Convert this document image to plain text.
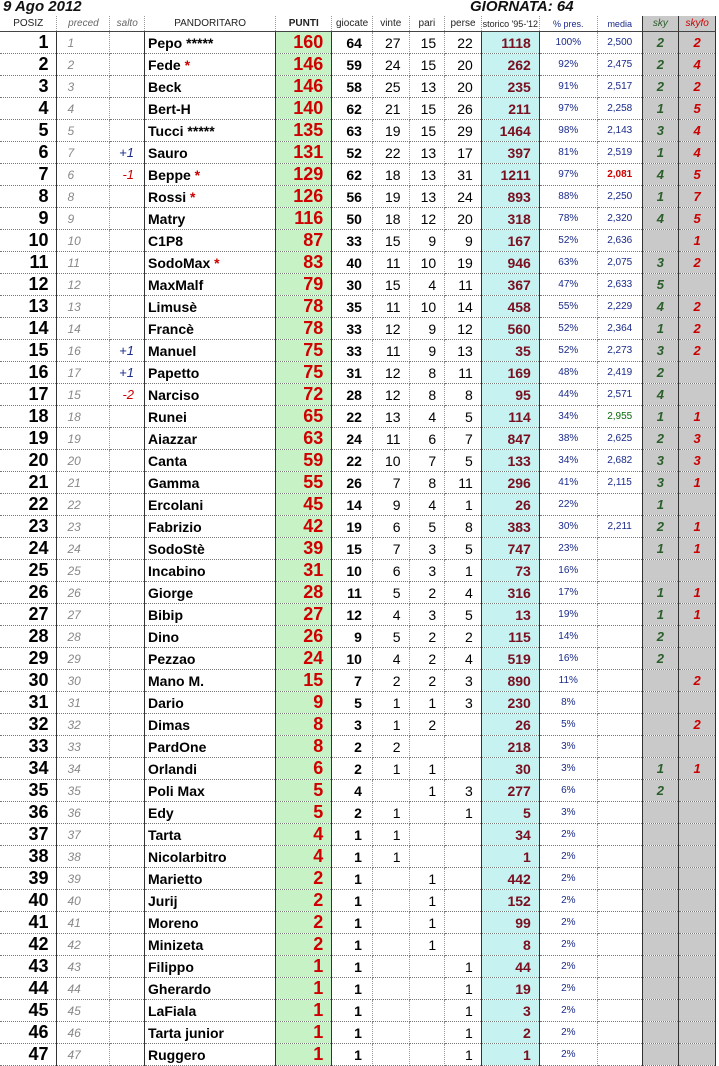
9 Ago 2012	GIORNATA: 64
POSIZ	preced	salto	PANDORITARO	PUNTI	giocate	vinte	pari	perse	storico '95-'12	% pres.	media	sky	skyfo
1	1		Pepo *****	160	64	27	15	22	1118	100%	2,500	2	2
2	2		Fede *	146	59	24	15	20	262	92%	2,475	2	4
3	3		Beck	146	58	25	13	20	235	91%	2,517	2	2
4	4		Bert-H	140	62	21	15	26	211	97%	2,258	1	5
5	5		Tucci *****	135	63	19	15	29	1464	98%	2,143	3	4
6	7	+1	Sauro	131	52	22	13	17	397	81%	2,519	1	4
7	6	-1	Beppe *	129	62	18	13	31	1211	97%	2,081	4	5
8	8		Rossi *	126	56	19	13	24	893	88%	2,250	1	7
9	9		Matry	116	50	18	12	20	318	78%	2,320	4	5
10	10		C1P8	87	33	15	9	9	167	52%	2,636		1
11	11		SodoMax *	83	40	11	10	19	946	63%	2,075	3	2
12	12		MaxMalf	79	30	15	4	11	367	47%	2,633	5	
13	13		Limusè	78	35	11	10	14	458	55%	2,229	4	2
14	14		Francè	78	33	12	9	12	560	52%	2,364	1	2
15	16	+1	Manuel	75	33	11	9	13	35	52%	2,273	3	2
16	17	+1	Papetto	75	31	12	8	11	169	48%	2,419	2	
17	15	-2	Narciso	72	28	12	8	8	95	44%	2,571	4	
18	18		Runei	65	22	13	4	5	114	34%	2,955	1	1
19	19		Aiazzar	63	24	11	6	7	847	38%	2,625	2	3
20	20		Canta	59	22	10	7	5	133	34%	2,682	3	3
21	21		Gamma	55	26	7	8	11	296	41%	2,115	3	1
22	22		Ercolani	45	14	9	4	1	26	22%		1	
23	23		Fabrizio	42	19	6	5	8	383	30%	2,211	2	1
24	24		SodoStè	39	15	7	3	5	747	23%		1	1
25	25		Incabino	31	10	6	3	1	73	16%			
26	26		Giorge	28	11	5	2	4	316	17%		1	1
27	27		Bibip	27	12	4	3	5	13	19%		1	1
28	28		Dino	26	9	5	2	2	115	14%		2	
29	29		Pezzao	24	10	4	2	4	519	16%		2	
30	30		Mano M.	15	7	2	2	3	890	11%			2
31	31		Dario	9	5	1	1	3	230	8%			
32	32		Dimas	8	3	1	2		26	5%			2
33	33		PardOne	8	2	2			218	3%			
34	34		Orlandi	6	2	1	1		30	3%		1	1
35	35		Poli Max	5	4		1	3	277	6%		2	
36	36		Edy	5	2	1		1	5	3%			
37	37		Tarta	4	1	1			34	2%			
38	38		Nicolarbitro	4	1	1			1	2%			
39	39		Marietto	2	1		1		442	2%			
40	40		Jurij	2	1		1		152	2%			
41	41		Moreno	2	1		1		99	2%			
42	42		Minizeta	2	1		1		8	2%			
43	43		Filippo	1	1			1	44	2%			
44	44		Gherardo	1	1			1	19	2%			
45	45		LaFiala	1	1			1	3	2%			
46	46		Tarta junior	1	1			1	2	2%			
47	47		Ruggero	1	1			1	1	2%			
